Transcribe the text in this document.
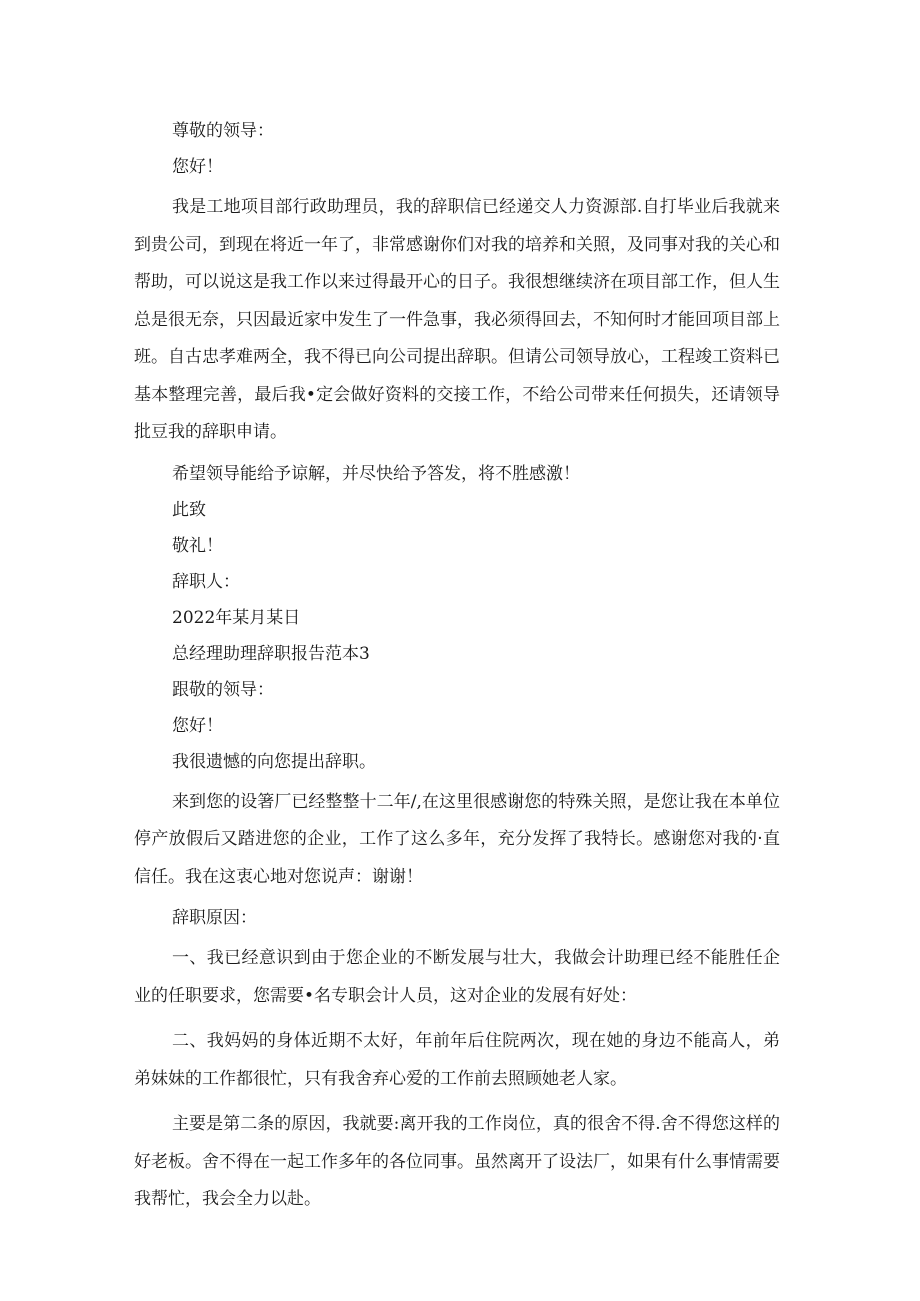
尊敬的领导：

您好！

我是工地项目部行政助理员，我的辞职信已经递交人力资源部.自打毕业后我就来到贵公司，到现在将近一年了，非常感谢你们对我的培养和关照，及同事对我的关心和帮助，可以说这是我工作以来过得最开心的日子。我很想继续济在项目部工作，但人生总是很无奈，只因最近家中发生了一件急事，我必须得回去，不知何时才能回项目部上班。自古忠孝难两全，我不得已向公司提出辞职。但请公司领导放心，工程竣工资料已基本整理完善，最后我•定会做好资料的交接工作，不给公司带来任何损失，还请领导批豆我的辞职申请。

希望领导能给予谅解，并尽快给予答发，将不胜感激！

此致

敬礼！

辞职人：

2022年某月某日

总经理助理辞职报告范本3

跟敬的领导：

您好！

我很遗憾的向您提出辞职。

来到您的设箸厂已经整整十二年/,在这里很感谢您的特殊关照，是您让我在本单位停产放假后又踏进您的企业，工作了这么多年，充分发挥了我特长。感谢您对我的·直信任。我在这衷心地对您说声：谢谢！

辞职原因：

一、我已经意识到由于您企业的不断发展与壮大，我做会计助理已经不能胜任企业的任职要求，您需要•名专职会计人员，这对企业的发展有好处：

二、我妈妈的身体近期不太好，年前年后住院两次，现在她的身边不能高人，弟弟妹妹的工作都很忙，只有我舍弃心爱的工作前去照顾她老人家。

主要是第二条的原因，我就要:离开我的工作岗位，真的很舍不得.舍不得您这样的好老板。舍不得在一起工作多年的各位同事。虽然离开了设法厂，如果有什么事情需要我帮忙，我会全力以赴。
